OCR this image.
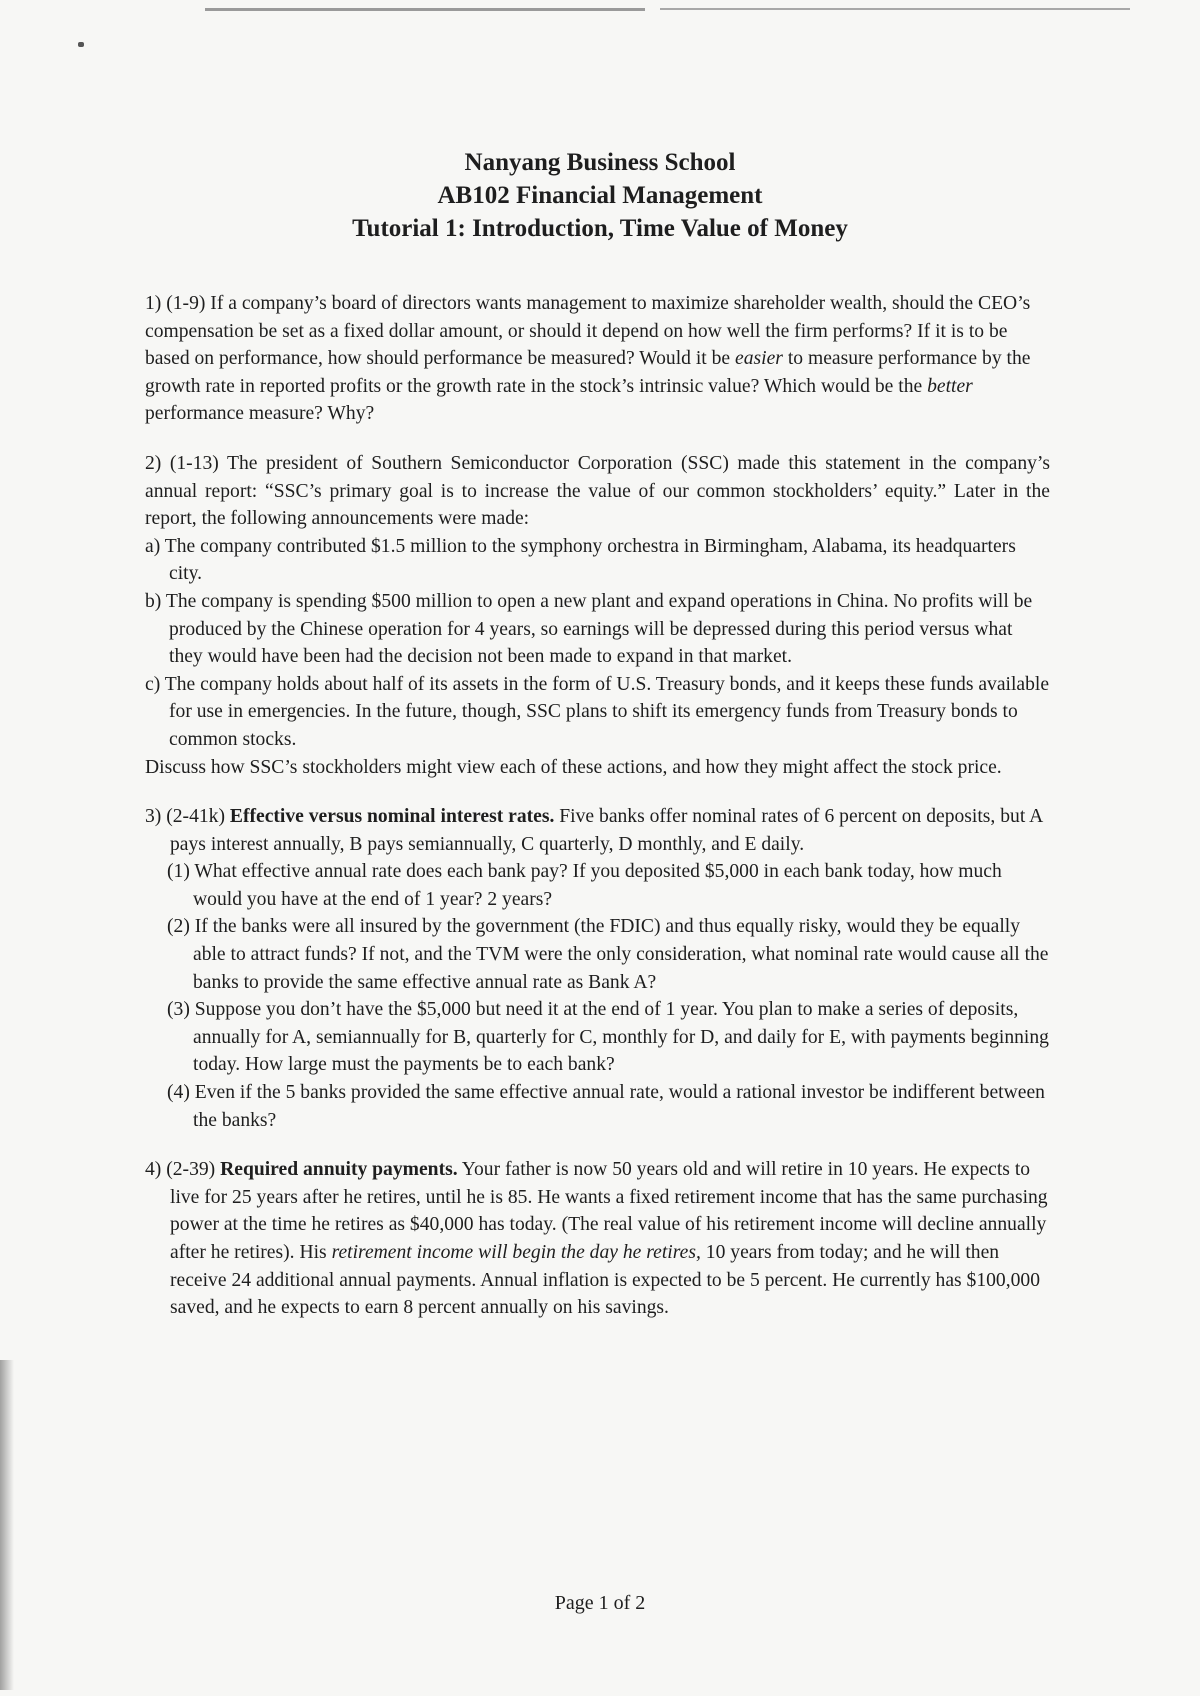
Nanyang Business School
AB102 Financial Management
Tutorial 1: Introduction, Time Value of Money

1) (1-9) If a company’s board of directors wants management to maximize shareholder wealth, should the CEO’s compensation be set as a fixed dollar amount, or should it depend on how well the firm performs? If it is to be based on performance, how should performance be measured? Would it be easier to measure performance by the growth rate in reported profits or the growth rate in the stock’s intrinsic value? Which would be the better performance measure? Why?

2) (1-13) The president of Southern Semiconductor Corporation (SSC) made this statement in the company’s annual report: “SSC’s primary goal is to increase the value of our common stockholders’ equity.” Later in the report, the following announcements were made:

a) The company contributed $1.5 million to the symphony orchestra in Birmingham, Alabama, its headquarters city.

b) The company is spending $500 million to open a new plant and expand operations in China. No profits will be produced by the Chinese operation for 4 years, so earnings will be depressed during this period versus what they would have been had the decision not been made to expand in that market.

c) The company holds about half of its assets in the form of U.S. Treasury bonds, and it keeps these funds available for use in emergencies. In the future, though, SSC plans to shift its emergency funds from Treasury bonds to common stocks.

Discuss how SSC’s stockholders might view each of these actions, and how they might affect the stock price.

3) (2-41k) Effective versus nominal interest rates. Five banks offer nominal rates of 6 percent on deposits, but A pays interest annually, B pays semiannually, C quarterly, D monthly, and E daily.

(1) What effective annual rate does each bank pay? If you deposited $5,000 in each bank today, how much would you have at the end of 1 year? 2 years?

(2) If the banks were all insured by the government (the FDIC) and thus equally risky, would they be equally able to attract funds? If not, and the TVM were the only consideration, what nominal rate would cause all the banks to provide the same effective annual rate as Bank A?

(3) Suppose you don’t have the $5,000 but need it at the end of 1 year. You plan to make a series of deposits, annually for A, semiannually for B, quarterly for C, monthly for D, and daily for E, with payments beginning today. How large must the payments be to each bank?

(4) Even if the 5 banks provided the same effective annual rate, would a rational investor be indifferent between the banks?

4) (2-39) Required annuity payments. Your father is now 50 years old and will retire in 10 years. He expects to live for 25 years after he retires, until he is 85. He wants a fixed retirement income that has the same purchasing power at the time he retires as $40,000 has today. (The real value of his retirement income will decline annually after he retires). His retirement income will begin the day he retires, 10 years from today; and he will then receive 24 additional annual payments. Annual inflation is expected to be 5 percent. He currently has $100,000 saved, and he expects to earn 8 percent annually on his savings.

Page 1 of 2
